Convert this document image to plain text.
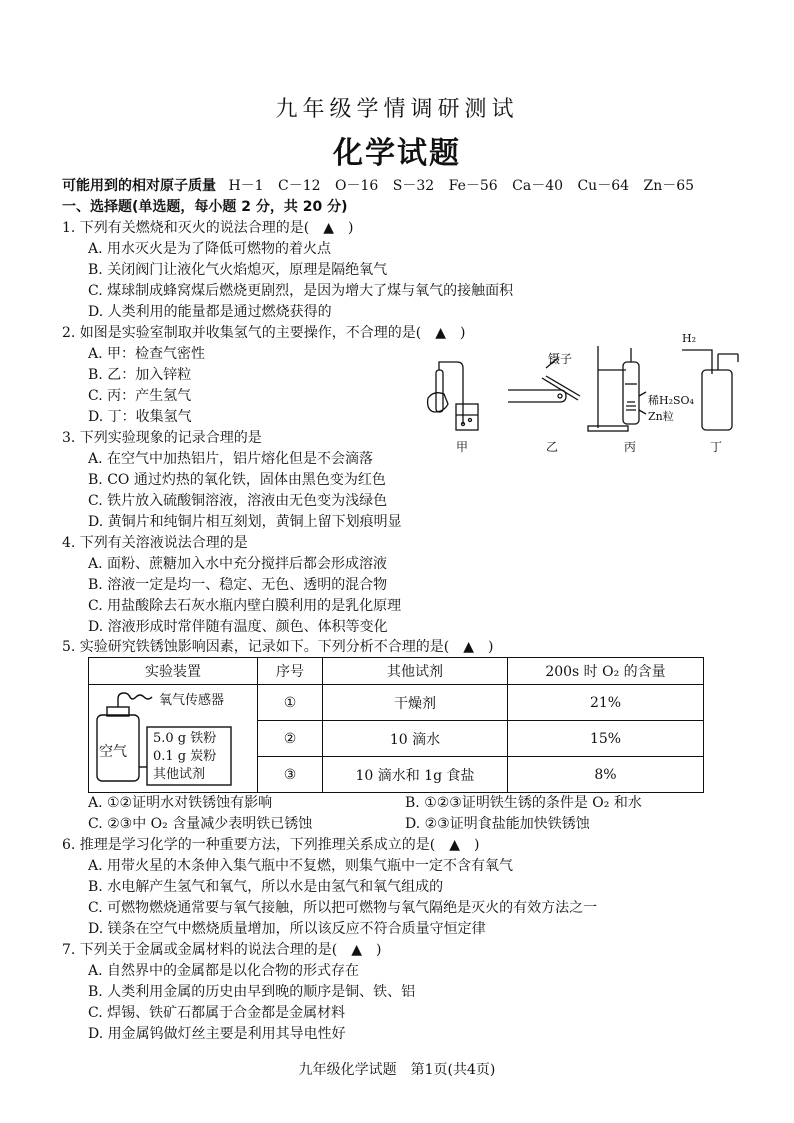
九年级学情调研测试
化学试题
可能用到的相对原子质量 H－1 C－12 O－16 S－32 Fe－56 Ca－40 Cu－64 Zn－65
一、选择题(单选题，每小题 2 分，共 20 分)
1. 下列有关燃烧和灭火的说法合理的是(　▲　)
A. 用水灭火是为了降低可燃物的着火点
B. 关闭阀门让液化气火焰熄灭，原理是隔绝氧气
C. 煤球制成蜂窝煤后燃烧更剧烈，是因为增大了煤与氧气的接触面积
D. 人类利用的能量都是通过燃烧获得的
2. 如图是实验室制取并收集氢气的主要操作，不合理的是(　▲　)
A. 甲：检查气密性
B. 乙：加入锌粒
C. 丙：产生氢气
D. 丁：收集氢气
镊子
稀H₂SO₄
Zn粒
H₂
甲	乙	丙	丁
3. 下列实验现象的记录合理的是
A. 在空气中加热铝片，铝片熔化但是不会滴落
B. CO 通过灼热的氧化铁，固体由黑色变为红色
C. 铁片放入硫酸铜溶液，溶液由无色变为浅绿色
D. 黄铜片和纯铜片相互刻划，黄铜上留下划痕明显
4. 下列有关溶液说法合理的是
A. 面粉、蔗糖加入水中充分搅拌后都会形成溶液
B. 溶液一定是均一、稳定、无色、透明的混合物
C. 用盐酸除去石灰水瓶内壁白膜利用的是乳化原理
D. 溶液形成时常伴随有温度、颜色、体积等变化
5. 实验研究铁锈蚀影响因素，记录如下。下列分析不合理的是(　▲　)
实验装置	序号	其他试剂	200s 时 O₂ 的含量

氧气传感器
空气
5.0 g 铁粉
0.1 g 炭粉
其他试剂	①	干燥剂	21%
	②	10 滴水	15%
	③	10 滴水和 1g 食盐	8%
A. ①②证明水对铁锈蚀有影响	B. ①②③证明铁生锈的条件是 O₂ 和水
C. ②③中 O₂ 含量减少表明铁已锈蚀	D. ②③证明食盐能加快铁锈蚀
6. 推理是学习化学的一种重要方法，下列推理关系成立的是(　▲　)
A. 用带火星的木条伸入集气瓶中不复燃，则集气瓶中一定不含有氧气
B. 水电解产生氢气和氧气，所以水是由氢气和氧气组成的
C. 可燃物燃烧通常要与氧气接触，所以把可燃物与氧气隔绝是灭火的有效方法之一
D. 镁条在空气中燃烧质量增加，所以该反应不符合质量守恒定律
7. 下列关于金属或金属材料的说法合理的是(　▲　)
A. 自然界中的金属都是以化合物的形式存在
B. 人类利用金属的历史由早到晚的顺序是铜、铁、铝
C. 焊锡、铁矿石都属于合金都是金属材料
D. 用金属钨做灯丝主要是利用其导电性好
九年级化学试题　第1页(共4页)
